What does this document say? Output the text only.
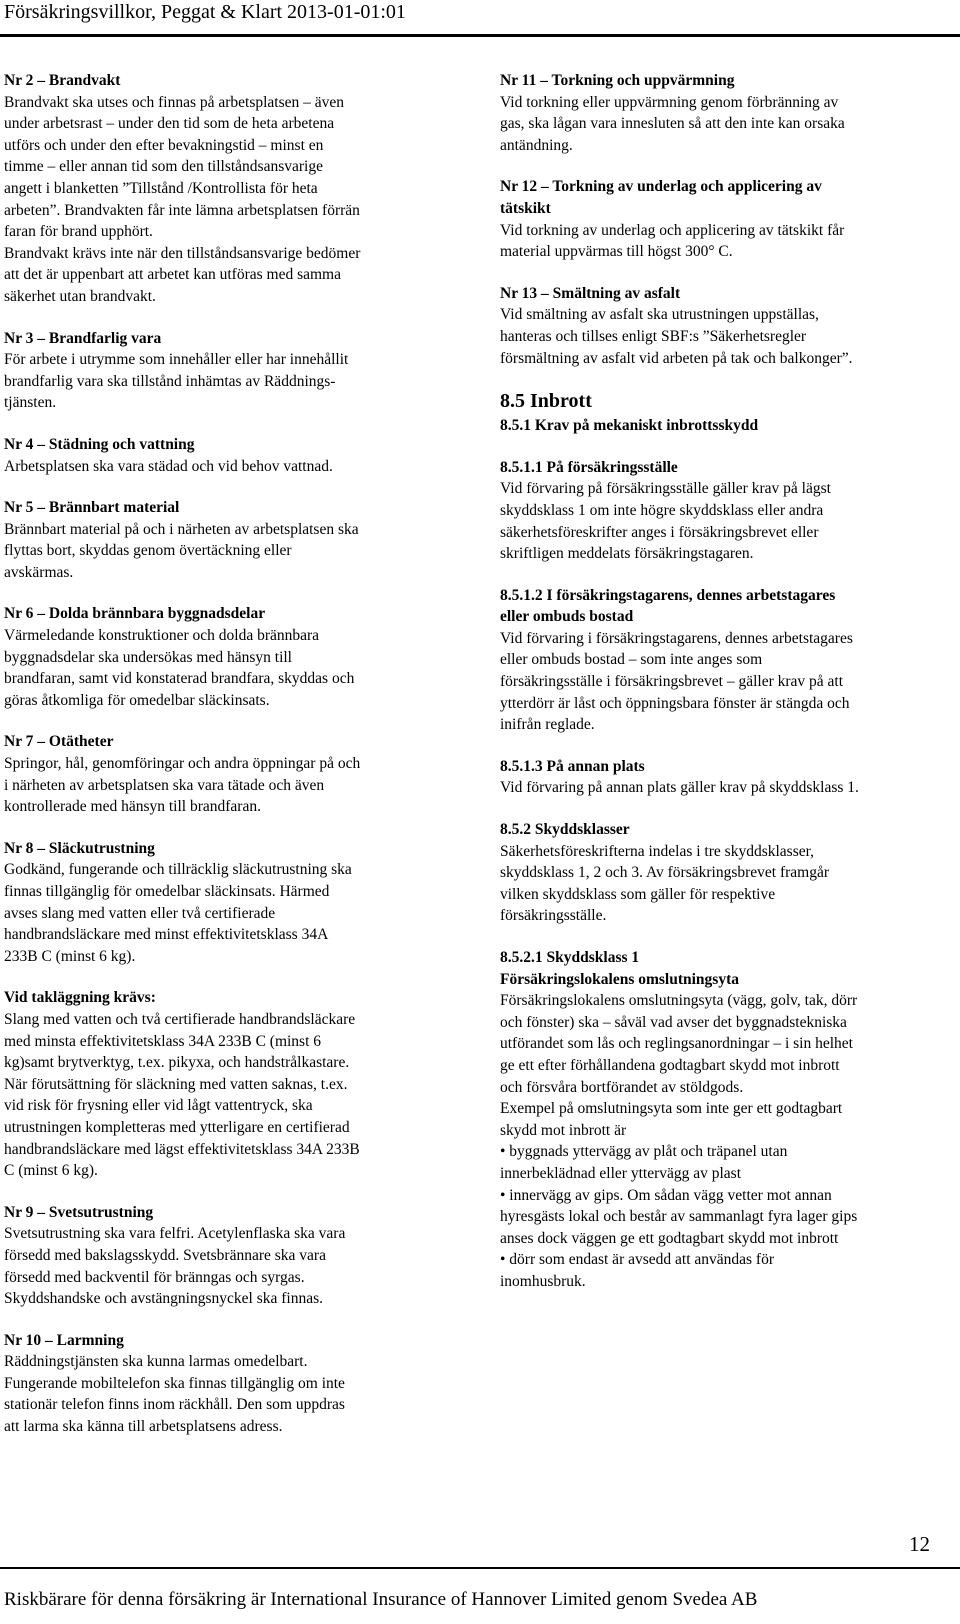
Försäkringsvillkor, Peggat & Klart 2013-01-01:01
Nr 2 – Brandvakt
Brandvakt ska utses och finnas på arbetsplatsen – även
under arbetsrast – under den tid som de heta arbetena
utförs och under den efter bevakningstid – minst en
timme – eller annan tid som den tillståndsansvarige
angett i blanketten ”Tillstånd /Kontrollista för heta
arbeten”. Brandvakten får inte lämna arbetsplatsen förrän
faran för brand upphört.
Brandvakt krävs inte när den tillståndsansvarige bedömer
att det är uppenbart att arbetet kan utföras med samma
säkerhet utan brandvakt.
Nr 3 – Brandfarlig vara
För arbete i utrymme som innehåller eller har innehållit
brandfarlig vara ska tillstånd inhämtas av Räddnings-
tjänsten.
Nr 4 – Städning och vattning
Arbetsplatsen ska vara städad och vid behov vattnad.
Nr 5 – Brännbart material
Brännbart material på och i närheten av arbetsplatsen ska
flyttas bort, skyddas genom övertäckning eller
avskärmas.
Nr 6 – Dolda brännbara byggnadsdelar
Värmeledande konstruktioner och dolda brännbara
byggnadsdelar ska undersökas med hänsyn till
brandfaran, samt vid konstaterad brandfara, skyddas och
göras åtkomliga för omedelbar släckinsats.
Nr 7 – Otätheter
Springor, hål, genomföringar och andra öppningar på och
i närheten av arbetsplatsen ska vara tätade och även
kontrollerade med hänsyn till brandfaran.
Nr 8 – Släckutrustning
Godkänd, fungerande och tillräcklig släckutrustning ska
finnas tillgänglig för omedelbar släckinsats. Härmed
avses slang med vatten eller två certifierade
handbrandsläckare med minst effektivitetsklass 34A
233B C (minst 6 kg).
Vid takläggning krävs:
Slang med vatten och två certifierade handbrandsläckare
med minsta effektivitetsklass 34A 233B C (minst 6
kg)samt brytverktyg, t.ex. pikyxa, och handstrålkastare.
När förutsättning för släckning med vatten saknas, t.ex.
vid risk för frysning eller vid lågt vattentryck, ska
utrustningen kompletteras med ytterligare en certifierad
handbrandsläckare med lägst effektivitetsklass 34A 233B
C (minst 6 kg).
Nr 9 – Svetsutrustning
Svetsutrustning ska vara felfri. Acetylenflaska ska vara
försedd med bakslagsskydd. Svetsbrännare ska vara
försedd med backventil för bränngas och syrgas.
Skyddshandske och avstängningsnyckel ska finnas.
Nr 10 – Larmning
Räddningstjänsten ska kunna larmas omedelbart.
Fungerande mobiltelefon ska finnas tillgänglig om inte
stationär telefon finns inom räckhåll. Den som uppdras
att larma ska känna till arbetsplatsens adress.
Nr 11 – Torkning och uppvärmning
Vid torkning eller uppvärmning genom förbränning av
gas, ska lågan vara innesluten så att den inte kan orsaka
antändning.
Nr 12 – Torkning av underlag och applicering av
tätskikt
Vid torkning av underlag och applicering av tätskikt får
material uppvärmas till högst 300° C.
Nr 13 – Smältning av asfalt
Vid smältning av asfalt ska utrustningen uppställas,
hanteras och tillses enligt SBF:s ”Säkerhetsregler
försmältning av asfalt vid arbeten på tak och balkonger”.
8.5 Inbrott
8.5.1 Krav på mekaniskt inbrottsskydd
8.5.1.1 På försäkringsställe
Vid förvaring på försäkringsställe gäller krav på lägst
skyddsklass 1 om inte högre skyddsklass eller andra
säkerhetsföreskrifter anges i försäkringsbrevet eller
skriftligen meddelats försäkringstagaren.
8.5.1.2 I försäkringstagarens, dennes arbetstagares
eller ombuds bostad
Vid förvaring i försäkringstagarens, dennes arbetstagares
eller ombuds bostad – som inte anges som
försäkringsställe i försäkringsbrevet – gäller krav på att
ytterdörr är låst och öppningsbara fönster är stängda och
inifrån reglade.
8.5.1.3 På annan plats
Vid förvaring på annan plats gäller krav på skyddsklass 1.
8.5.2 Skyddsklasser
Säkerhetsföreskrifterna indelas i tre skyddsklasser,
skyddsklass 1, 2 och 3. Av försäkringsbrevet framgår
vilken skyddsklass som gäller för respektive
försäkringsställe.
8.5.2.1 Skyddsklass 1
Försäkringslokalens omslutningsyta
Försäkringslokalens omslutningsyta (vägg, golv, tak, dörr
och fönster) ska – såväl vad avser det byggnadstekniska
utförandet som lås och reglingsanordningar – i sin helhet
ge ett efter förhållandena godtagbart skydd mot inbrott
och försvåra bortförandet av stöldgods.
Exempel på omslutningsyta som inte ger ett godtagbart
skydd mot inbrott är
• byggnads yttervägg av plåt och träpanel utan
innerbeklädnad eller yttervägg av plast
• innervägg av gips. Om sådan vägg vetter mot annan
hyresgästs lokal och består av sammanlagt fyra lager gips
anses dock väggen ge ett godtagbart skydd mot inbrott
• dörr som endast är avsedd att användas för
inomhusbruk.
12
Riskbärare för denna försäkring är International Insurance of Hannover Limited genom Svedea AB
